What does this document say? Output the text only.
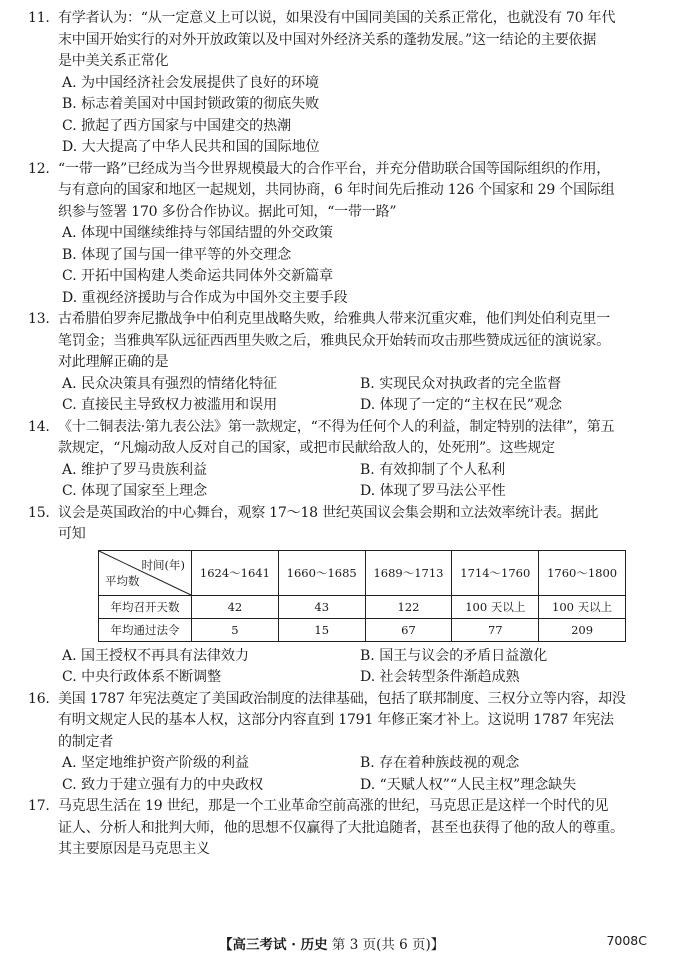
11. 有学者认为：“从一定意义上可以说，如果没有中国同美国的关系正常化，也就没有 70 年代
末中国开始实行的对外开放政策以及中国对外经济关系的蓬勃发展。”这一结论的主要依据
是中美关系正常化
A. 为中国经济社会发展提供了良好的环境
B. 标志着美国对中国封锁政策的彻底失败
C. 掀起了西方国家与中国建交的热潮
D. 大大提高了中华人民共和国的国际地位
12. “一带一路”已经成为当今世界规模最大的合作平台，并充分借助联合国等国际组织的作用，
与有意向的国家和地区一起规划，共同协商，6 年时间先后推动 126 个国家和 29 个国际组
织参与签署 170 多份合作协议。据此可知，“一带一路”
A. 体现中国继续维持与邻国结盟的外交政策
B. 体现了国与国一律平等的外交理念
C. 开拓中国构建人类命运共同体外交新篇章
D. 重视经济援助与合作成为中国外交主要手段
13. 古希腊伯罗奔尼撒战争中伯利克里战略失败，给雅典人带来沉重灾难，他们判处伯利克里一
笔罚金；当雅典军队远征西西里失败之后，雅典民众开始转而攻击那些赞成远征的演说家。
对此理解正确的是
A. 民众决策具有强烈的情绪化特征	B. 实现民众对执政者的完全监督
C. 直接民主导致权力被滥用和误用	D. 体现了一定的“主权在民”观念
14. 《十二铜表法·第九表公法》第一款规定，“不得为任何个人的利益，制定特别的法律”，第五
款规定，“凡煽动敌人反对自己的国家，或把市民献给敌人的，处死刑”。这些规定
A. 维护了罗马贵族利益	B. 有效抑制了个人私利
C. 体现了国家至上理念	D. 体现了罗马法公平性
15. 议会是英国政治的中心舞台，观察 17～18 世纪英国议会集会期和立法效率统计表。据此
可知
时间(年)
平均数	1624～1641	1660～1685	1689～1713	1714～1760	1760～1800
年均召开天数	42	43	122	100 天以上	100 天以上
年均通过法令	5	15	67	77	209
A. 国王授权不再具有法律效力	B. 国王与议会的矛盾日益激化
C. 中央行政体系不断调整	D. 社会转型条件渐趋成熟
16. 美国 1787 年宪法奠定了美国政治制度的法律基础，包括了联邦制度、三权分立等内容，却没
有明文规定人民的基本人权，这部分内容直到 1791 年修正案才补上。这说明 1787 年宪法
的制定者
A. 坚定地维护资产阶级的利益	B. 存在着种族歧视的观念
C. 致力于建立强有力的中央政权	D. “天赋人权”“人民主权”理念缺失
17. 马克思生活在 19 世纪，那是一个工业革命空前高涨的世纪，马克思正是这样一个时代的见
证人、分析人和批判大师，他的思想不仅赢得了大批追随者，甚至也获得了他的敌人的尊重。
其主要原因是马克思主义
【高三考试 · 历史 第 3 页(共 6 页)】	7008C
